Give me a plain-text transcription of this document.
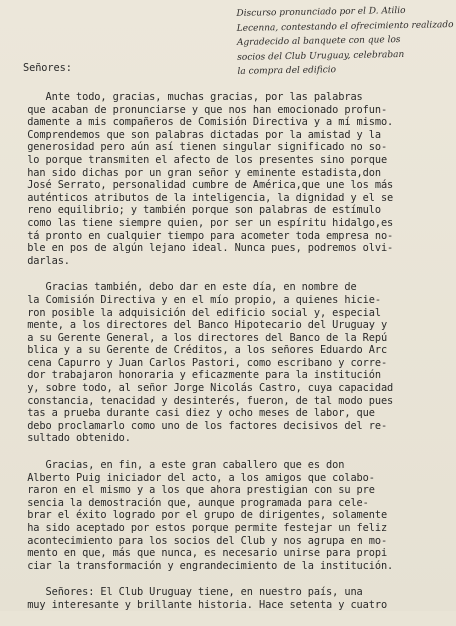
Discurso pronunciado por el D. Atilio
Lecenna, contestando el ofrecimiento realizado
Agradecido al banquete con que los
socios del Club Uruguay, celebraban
la compra del edificio
Señores:
Ante todo, gracias, muchas gracias, por las palabras
que acaban de pronunciarse y que nos han emocionado profun-
damente a mis compañeros de Comisión Directiva y a mí mismo.
Comprendemos que son palabras dictadas por la amistad y la
generosidad pero aún así tienen singular significado no so-
lo porque transmiten el afecto de los presentes sino porque
han sido dichas por un gran señor y eminente estadista,don
José Serrato, personalidad cumbre de América,que une los más
auténticos atributos de la inteligencia, la dignidad y el se
reno equilibrio; y también porque son palabras de estímulo
como las tiene siempre quien, por ser un espíritu hidalgo,es
tá pronto en cualquier tiempo para acometer toda empresa no-
ble en pos de algún lejano ideal. Nunca pues, podremos olvi-
darlas.
Gracias también, debo dar en este día, en nombre de
la Comisión Directiva y en el mío propio, a quienes hicie-
ron posible la adquisición del edificio social y, especial
mente, a los directores del Banco Hipotecario del Uruguay y
a su Gerente General, a los directores del Banco de la Repú
blica y a su Gerente de Créditos, a los señores Eduardo Arc
cena Capurro y Juan Carlos Pastori, como escribano y corre-
dor trabajaron honoraria y eficazmente para la institución
y, sobre todo, al señor Jorge Nicolás Castro, cuya capacidad
constancia, tenacidad y desinterés, fueron, de tal modo pues
tas a prueba durante casi diez y ocho meses de labor, que
debo proclamarlo como uno de los factores decisivos del re-
sultado obtenido.
Gracias, en fin, a este gran caballero que es don
Alberto Puig iniciador del acto, a los amigos que colabo-
raron en el mismo y a los que ahora prestigian con su pre
sencia la demostración que, aunque programada para cele-
brar el éxito logrado por el grupo de dirigentes, solamente
ha sido aceptado por estos porque permite festejar un feliz
acontecimiento para los socios del Club y nos agrupa en mo-
mento en que, más que nunca, es necesario unirse para propi
ciar la transformación y engrandecimiento de la institución.
Señores: El Club Uruguay tiene, en nuestro país, una
muy interesante y brillante historia. Hace setenta y cuatro
